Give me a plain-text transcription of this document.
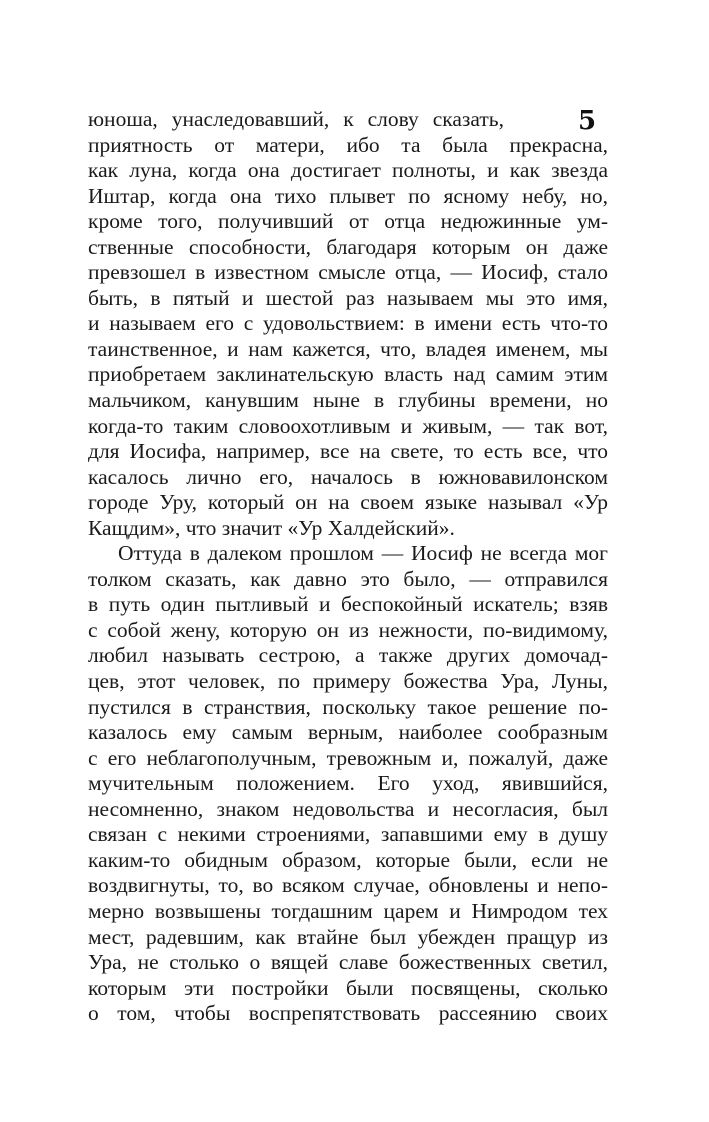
5
юноша, унаследовавший, к слову сказать,
приятность от матери, ибо та была прекрасна,
как луна, когда она достигает полноты, и как звезда
Иштар, когда она тихо плывет по ясному небу, но,
кроме того, получивший от отца недюжинные ум-
ственные способности, благодаря которым он даже
превзошел в известном смысле отца, — Иосиф, стало
быть, в пятый и шестой раз называем мы это имя,
и называем его с удовольствием: в имени есть что-то
таинственное, и нам кажется, что, владея именем, мы
приобретаем заклинательскую власть над самим этим
мальчиком, канувшим ныне в глубины времени, но
когда-то таким словоохотливым и живым, — так вот,
для Иосифа, например, все на свете, то есть все, что
касалось лично его, началось в южновавилонском
городе Уру, который он на своем языке называл «Ур
Кащдим», что значит «Ур Халдейский».
Оттуда в далеком прошлом — Иосиф не всегда мог
толком сказать, как давно это было, — отправился
в путь один пытливый и беспокойный искатель; взяв
с собой жену, которую он из нежности, по-видимому,
любил называть сестрою, а также других домочад-
цев, этот человек, по примеру божества Ура, Луны,
пустился в странствия, поскольку такое решение по-
казалось ему самым верным, наиболее сообразным
с его неблагополучным, тревожным и, пожалуй, даже
мучительным положением. Его уход, явившийся,
несомненно, знаком недовольства и несогласия, был
связан с некими строениями, запавшими ему в душу
каким-то обидным образом, которые были, если не
воздвигнуты, то, во всяком случае, обновлены и непо-
мерно возвышены тогдашним царем и Нимродом тех
мест, радевшим, как втайне был убежден пращур из
Ура, не столько о вящей славе божественных светил,
которым эти постройки были посвящены, сколько
о том, чтобы воспрепятствовать рассеянию своих
